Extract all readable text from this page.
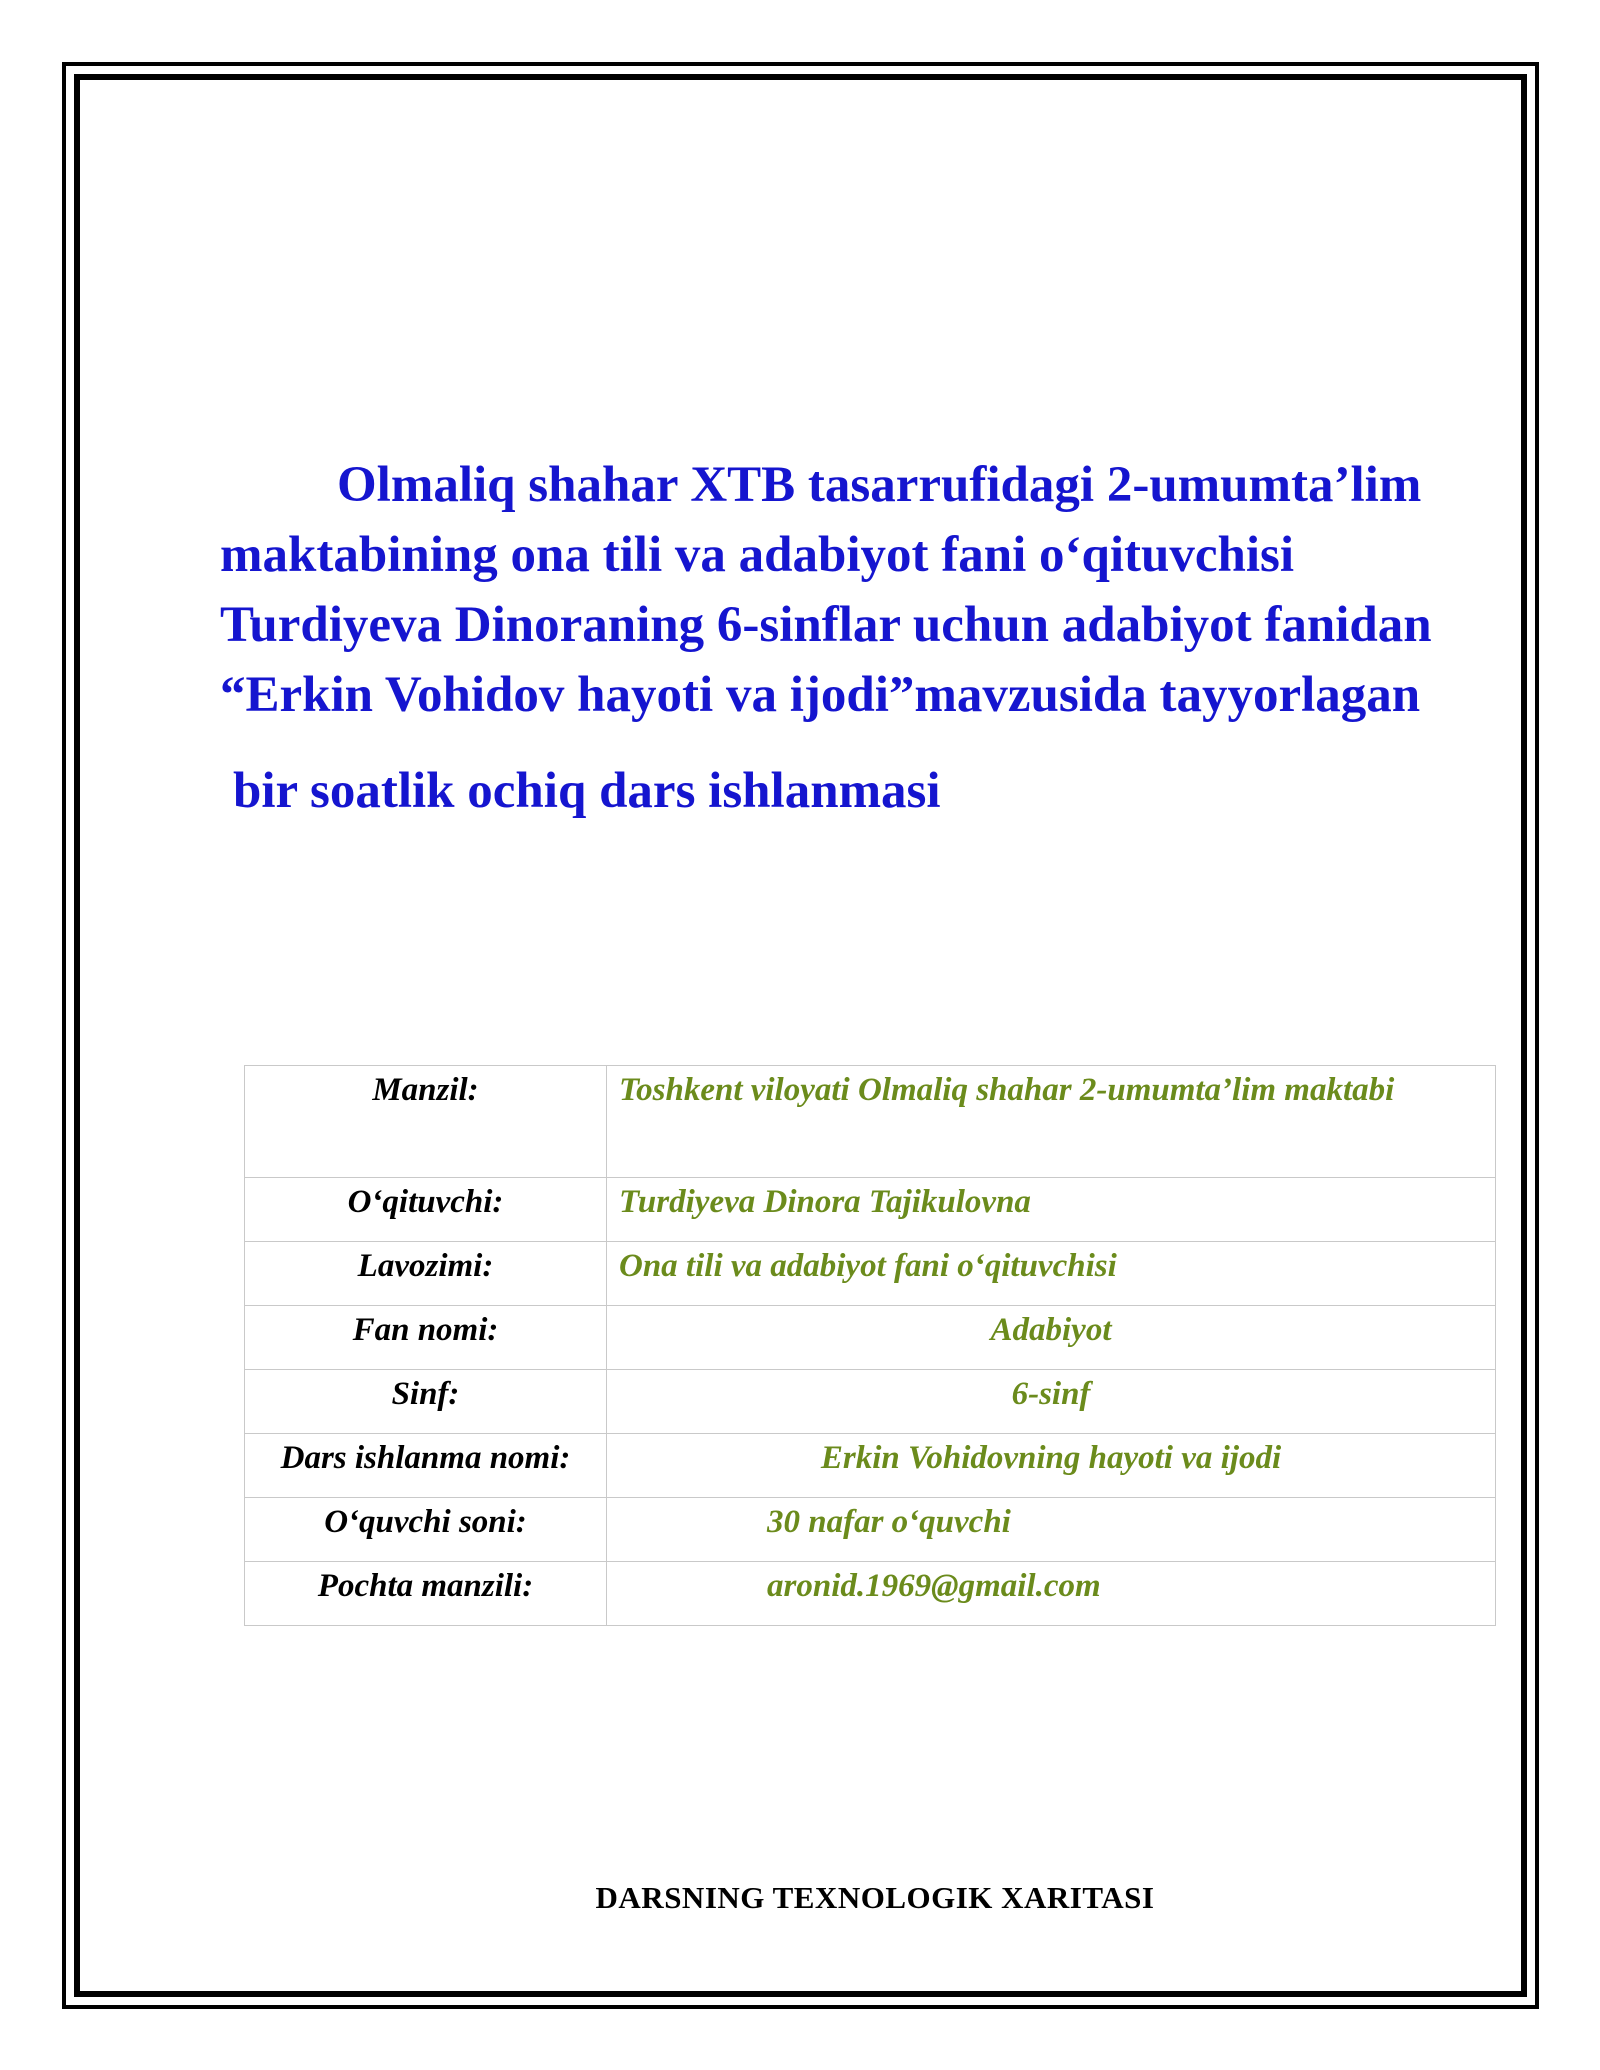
Olmaliq shahar XTB tasarrufidagi 2-umumta’lim
maktabining ona tili va adabiyot fani o‘qituvchisi
Turdiyeva Dinoraning 6-sinflar uchun adabiyot fanidan
“Erkin Vohidov hayoti va ijodi”mavzusida tayyorlagan
bir soatlik ochiq dars ishlanmasi
Manzil:	Toshkent viloyati Olmaliq shahar 2-umumta’lim maktabi
O‘qituvchi:	Turdiyeva Dinora Tajikulovna
Lavozimi:	Ona tili va adabiyot fani o‘qituvchisi
Fan nomi:	Adabiyot
Sinf:	6-sinf
Dars ishlanma nomi:	Erkin Vohidovning hayoti va ijodi
O‘quvchi soni:	30 nafar o‘quvchi
Pochta manzili:	aronid.1969@gmail.com
DARSNING TEXNOLOGIK XARITASI
